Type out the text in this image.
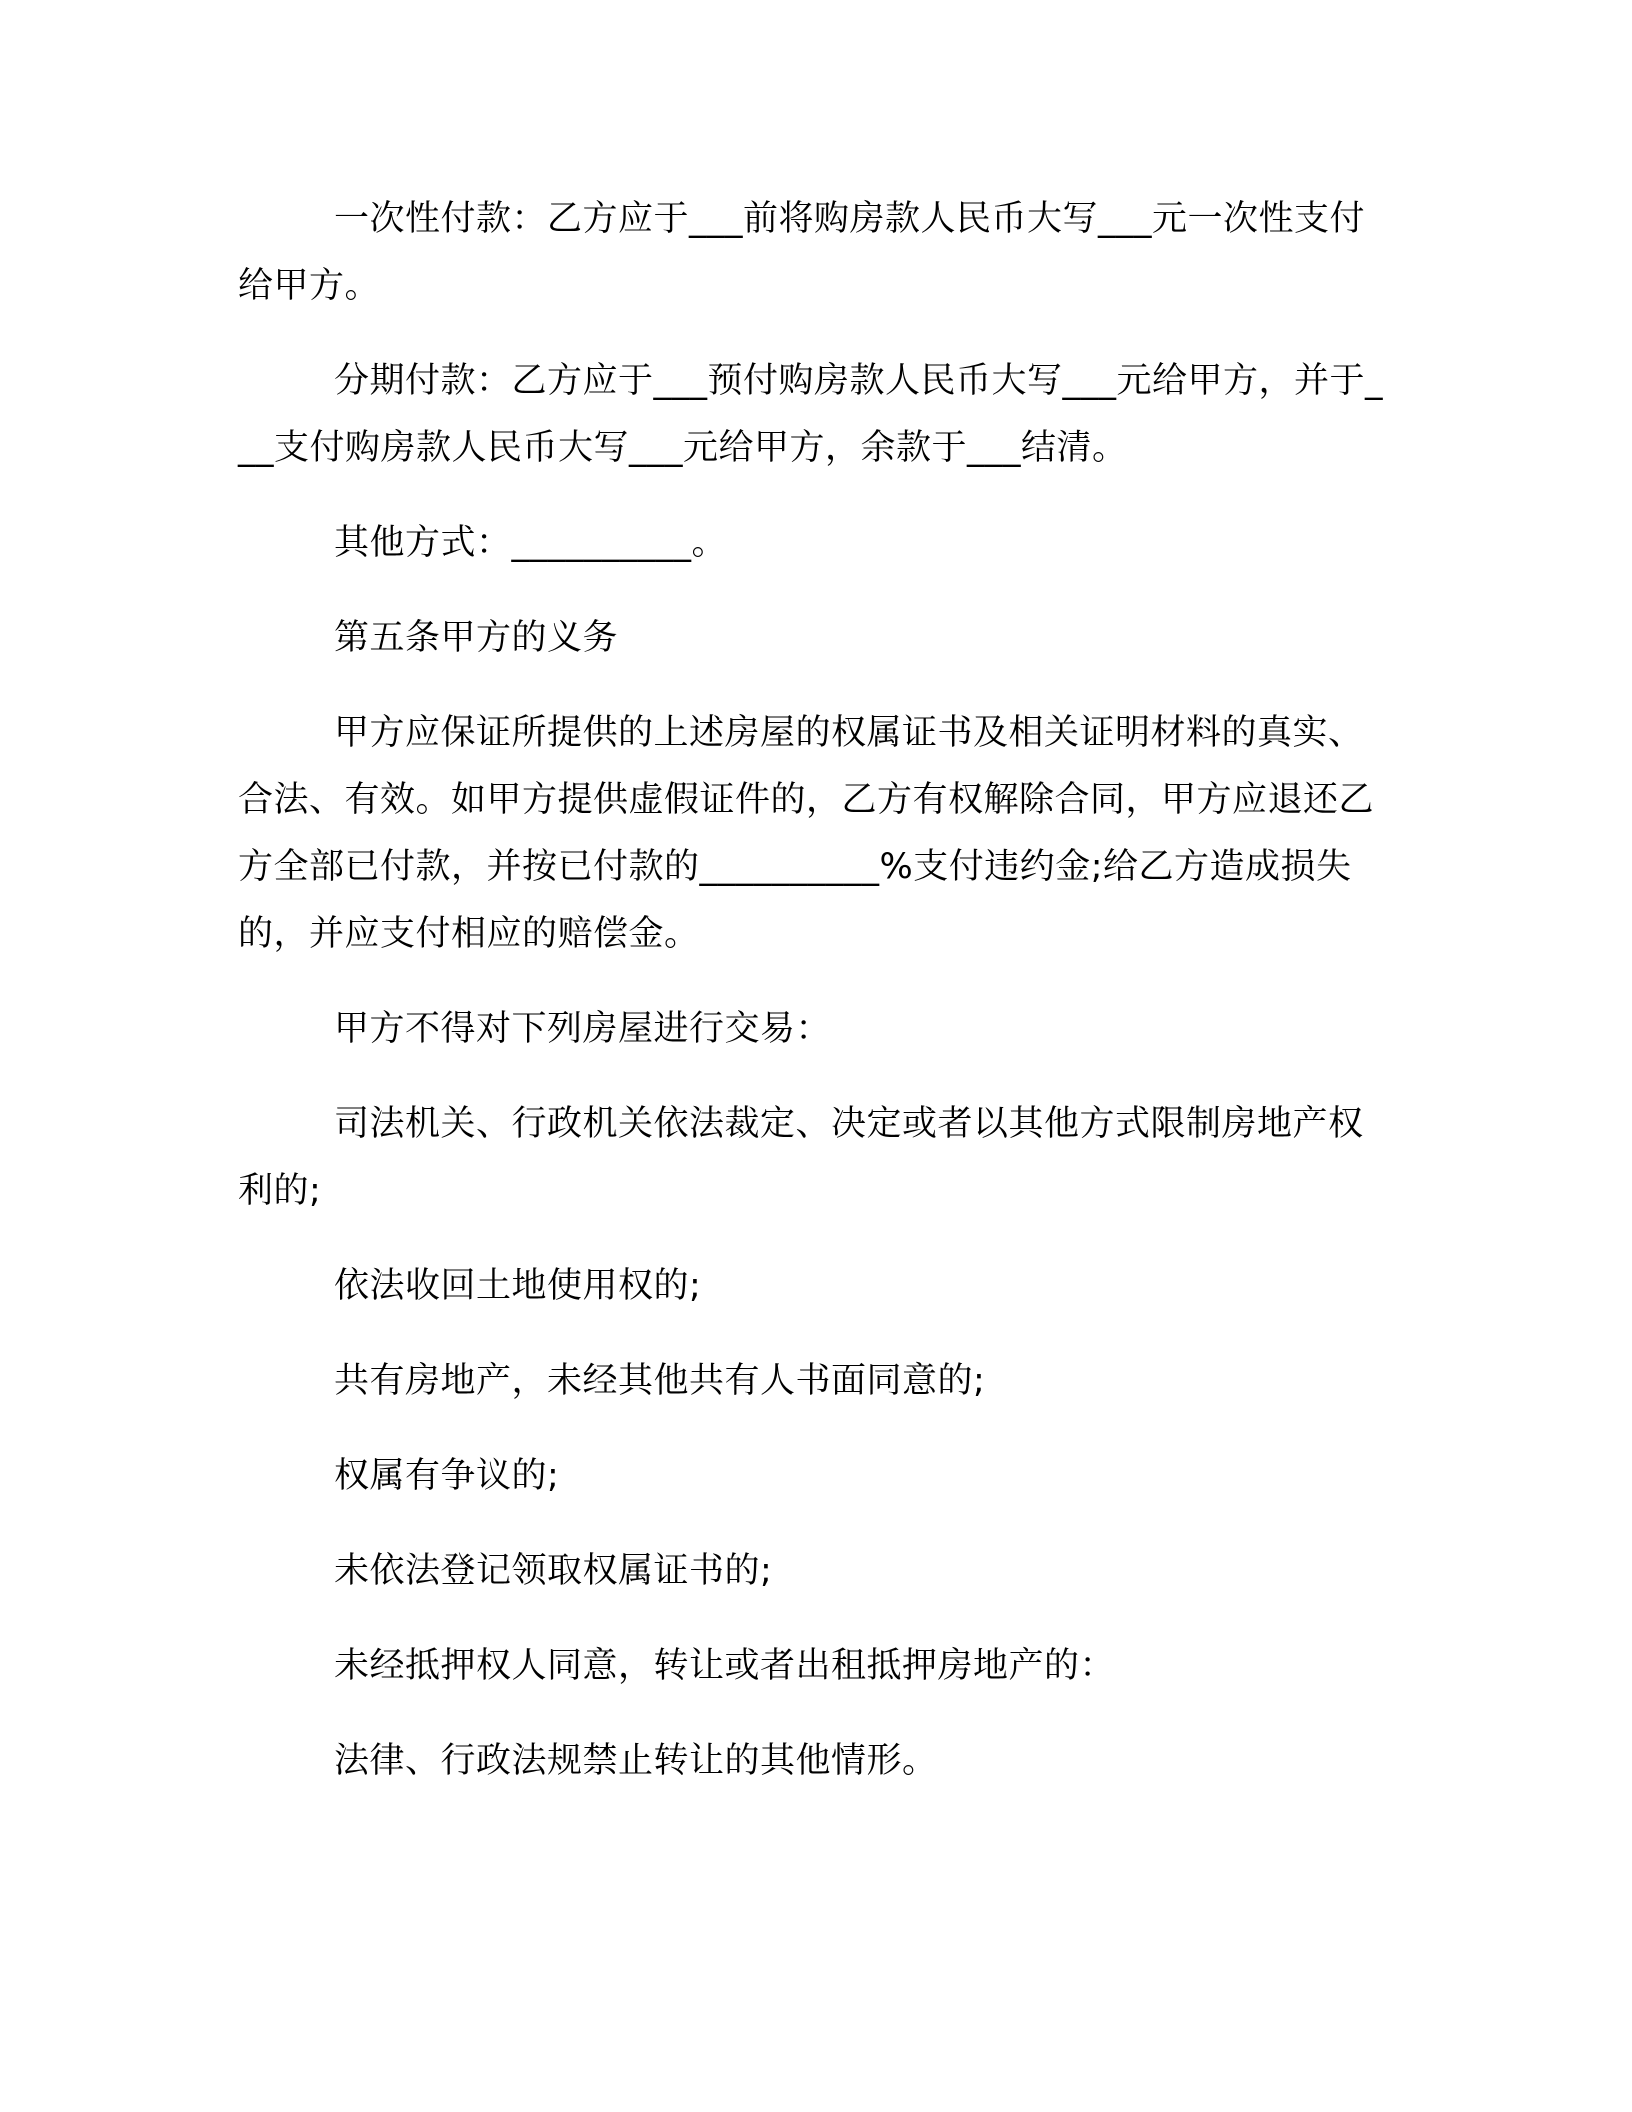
一次性付款：乙方应于___前将购房款人民币大写___元一次性支付给甲方。

分期付款：乙方应于___预付购房款人民币大写___元给甲方，并于___支付购房款人民币大写___元给甲方，余款于___结清。

其他方式：__________。

第五条甲方的义务

甲方应保证所提供的上述房屋的权属证书及相关证明材料的真实、合法、有效。如甲方提供虚假证件的，乙方有权解除合同，甲方应退还乙方全部已付款，并按已付款的__________%支付违约金;给乙方造成损失的，并应支付相应的赔偿金。

甲方不得对下列房屋进行交易：

司法机关、行政机关依法裁定、决定或者以其他方式限制房地产权利的;

依法收回土地使用权的;

共有房地产，未经其他共有人书面同意的;

权属有争议的;

未依法登记领取权属证书的;

未经抵押权人同意，转让或者出租抵押房地产的：

法律、行政法规禁止转让的其他情形。
